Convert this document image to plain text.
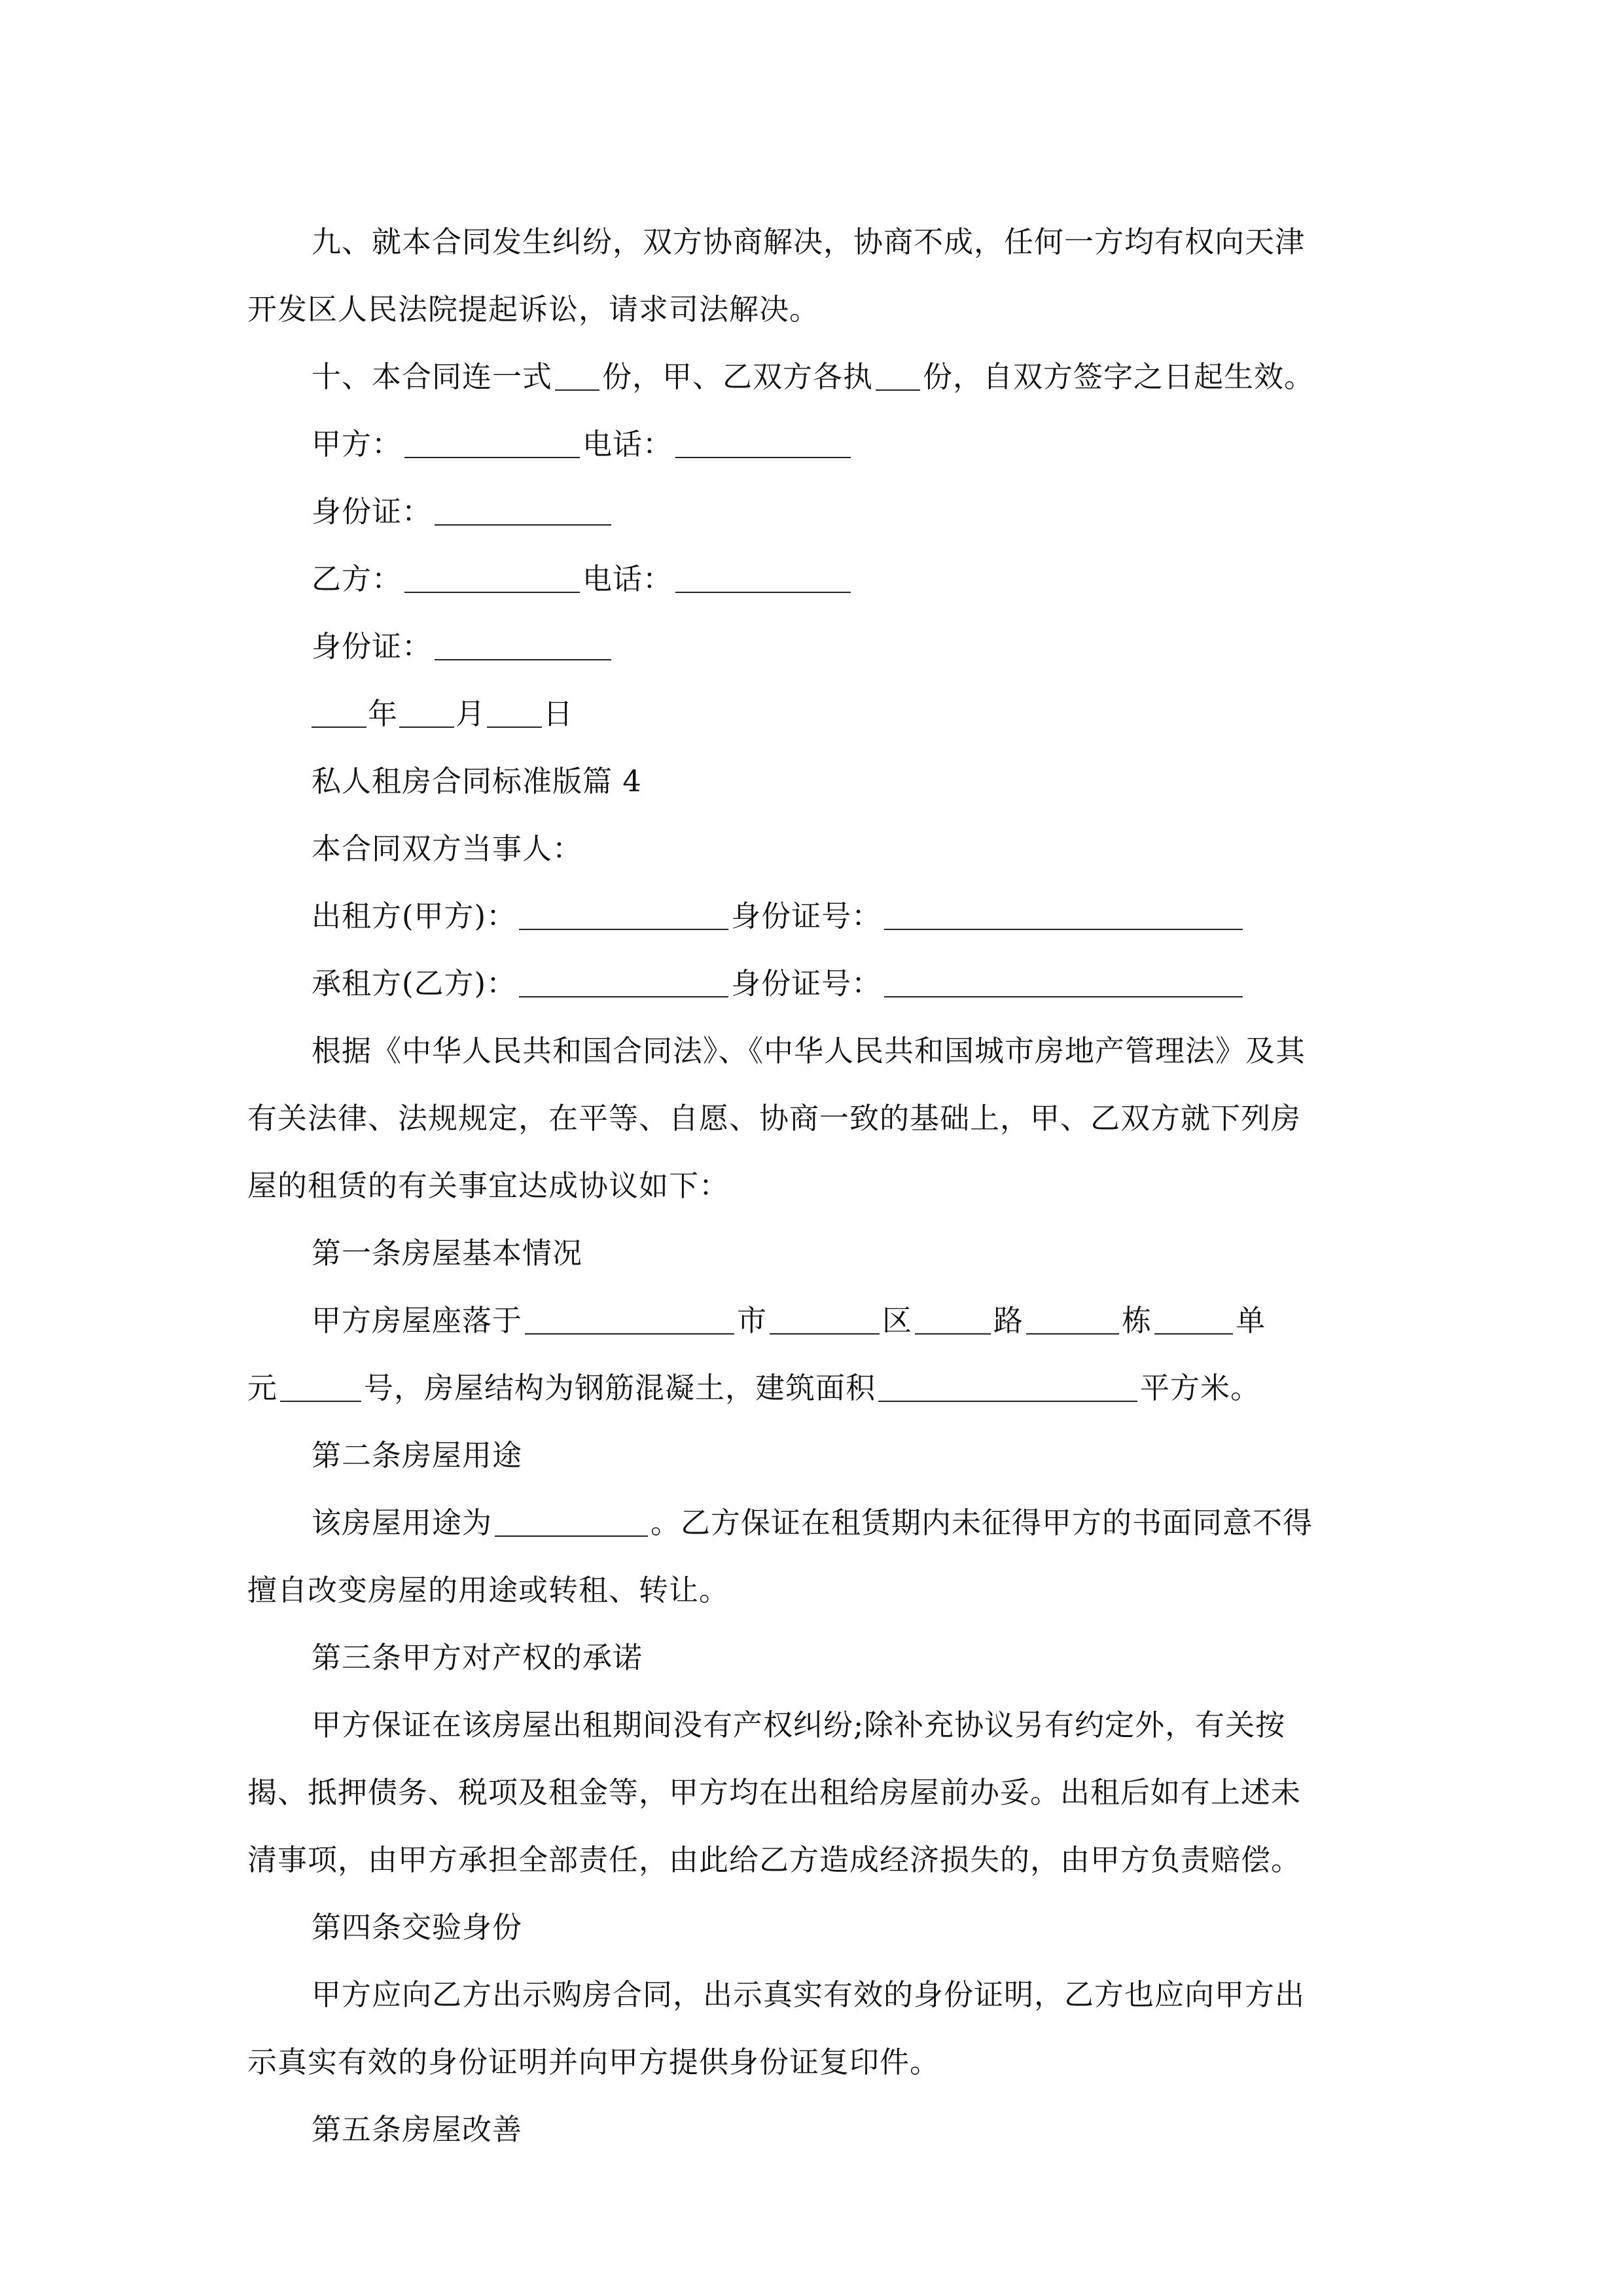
九、就本合同发生纠纷，双方协商解决，协商不成，任何一方均有权向天津

开发区人民法院提起诉讼，请求司法解决。

十、本合同连一式 份，甲、乙双方各执 份，自双方签字之日起生效。

甲方：	电话：

身份证：

乙方：	电话：

身份证：

年 月 日

私人租房合同标准版篇 4

本合同双方当事人：

出租方(甲方)：	身份证号：

承租方(乙方)：	身份证号：

根据《中华人民共和国合同法》、《中华人民共和国城市房地产管理法》及其

有关法律、法规规定，在平等、自愿、协商一致的基础上，甲、乙双方就下列房

屋的租赁的有关事宜达成协议如下：

第一条房屋基本情况

甲方房屋座落于	市	区	路	栋	单

元	号，房屋结构为钢筋混凝土，建筑面积	平方米。

第二条房屋用途

该房屋用途为	。乙方保证在租赁期内未征得甲方的书面同意不得

擅自改变房屋的用途或转租、转让。

第三条甲方对产权的承诺

甲方保证在该房屋出租期间没有产权纠纷;除补充协议另有约定外，有关按

揭、抵押债务、税项及租金等，甲方均在出租给房屋前办妥。出租后如有上述未

清事项，由甲方承担全部责任，由此给乙方造成经济损失的，由甲方负责赔偿。

第四条交验身份

甲方应向乙方出示购房合同，出示真实有效的身份证明，乙方也应向甲方出

示真实有效的身份证明并向甲方提供身份证复印件。

第五条房屋改善
